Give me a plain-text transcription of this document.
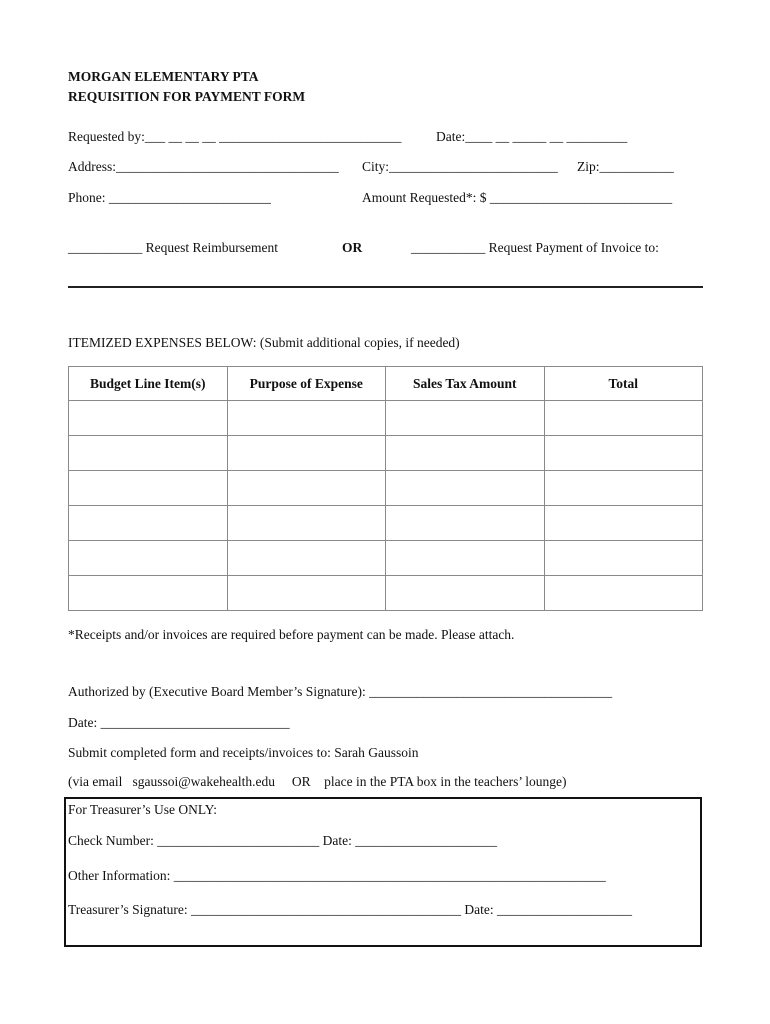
MORGAN ELEMENTARY PTA
REQUISITION FOR PAYMENT FORM
Requested by:___ __ __ __ ___________________________	Date:____ __ _____ __ _________
Address:_________________________________ City:_________________________ Zip:___________
Phone: ________________________	Amount Requested*: $ ___________________________
___________ Request Reimbursement	OR	___________ Request Payment of Invoice to:
ITEMIZED EXPENSES BELOW: (Submit additional copies, if needed)
Budget Line Item(s)	Purpose of Expense	Sales Tax Amount	Total

*Receipts and/or invoices are required before payment can be made. Please attach.
Authorized by (Executive Board Member’s Signature): ____________________________________
Date: ____________________________
Submit completed form and receipts/invoices to: Sarah Gaussoin
(via email   sgaussoi@wakehealth.edu     OR    place in the PTA box in the teachers’ lounge)
For Treasurer’s Use ONLY:
Check Number: ________________________ Date: _____________________
Other Information: ________________________________________________________________
Treasurer’s Signature: ________________________________________ Date: ____________________
